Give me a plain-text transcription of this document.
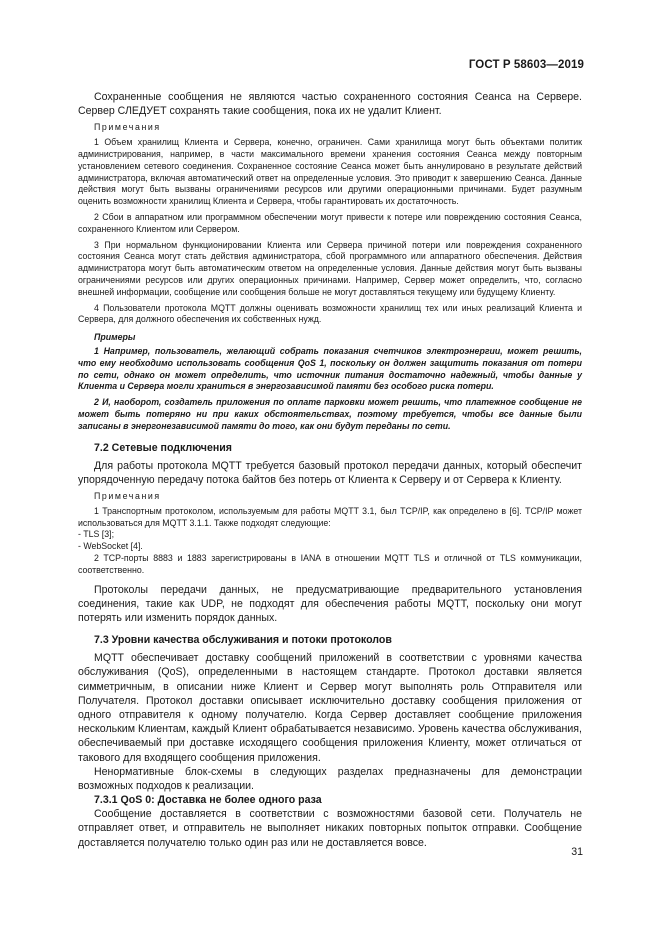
ГОСТ Р 58603—2019

Сохраненные сообщения не являются частью сохраненного состояния Сеанса на Сервере. Сервер СЛЕДУЕТ сохранять такие сообщения, пока их не удалит Клиент.

Примечания

1 Объем хранилищ Клиента и Сервера, конечно, ограничен. Сами хранилища могут быть объектами политик администрирования, например, в части максимального времени хранения состояния Сеанса между повторным установлением сетевого соединения. Сохраненное состояние Сеанса может быть аннулировано в результате действий администратора, включая автоматический ответ на определенные условия. Это приводит к завершению Сеанса. Данные действия могут быть вызваны ограничениями ресурсов или другими операционными причинами. Будет разумным оценить возможности хранилищ Клиента и Сервера, чтобы гарантировать их достаточность.

2 Сбои в аппаратном или программном обеспечении могут привести к потере или повреждению состояния Сеанса, сохраненного Клиентом или Сервером.

3 При нормальном функционировании Клиента или Сервера причиной потери или повреждения сохраненного состояния Сеанса могут стать действия администратора, сбой программного или аппаратного обеспечения. Действия администратора могут быть автоматическим ответом на определенные условия. Данные действия могут быть вызваны ограничениями ресурсов или других операционных причинами. Например, Сервер может определить, что, согласно внешней информации, сообщение или сообщения больше не могут доставляться текущему или будущему Клиенту.

4 Пользователи протокола MQTT должны оценивать возможности хранилищ тех или иных реализаций Клиента и Сервера, для должного обеспечения их собственных нужд.

Примеры

1 Например, пользователь, желающий собрать показания счетчиков электроэнергии, может решить, что ему необходимо использовать сообщения QoS 1, поскольку он должен защитить показания от потери по сети, однако он может определить, что источник питания достаточно надежный, чтобы данные у Клиента и Сервера могли храниться в энергозависимой памяти без особого риска потери.

2 И, наоборот, создатель приложения по оплате парковки может решить, что платежное сообщение не может быть потеряно ни при каких обстоятельствах, поэтому требуется, чтобы все данные были записаны в энергонезависимой памяти до того, как они будут переданы по сети.

7.2 Сетевые подключения

Для работы протокола MQTT требуется базовый протокол передачи данных, который обеспечит упорядоченную передачу потока байтов без потерь от Клиента к Серверу и от Сервера к Клиенту.

Примечания

1 Транспортным протоколом, используемым для работы MQTT 3.1, был TCP/IP, как определено в [6]. TCP/IP может использоваться для MQTT 3.1.1. Также подходят следующие:

- TLS [3];

- WebSocket [4].

2 TCP-порты 8883 и 1883 зарегистрированы в IANA в отношении MQTT TLS и отличной от TLS коммуникации, соответственно.

Протоколы передачи данных, не предусматривающие предварительного установления соединения, такие как UDP, не подходят для обеспечения работы MQTT, поскольку они могут потерять или изменить порядок данных.

7.3 Уровни качества обслуживания и потоки протоколов

MQTT обеспечивает доставку сообщений приложений в соответствии с уровнями качества обслуживания (QoS), определенными в настоящем стандарте. Протокол доставки является симметричным, в описании ниже Клиент и Сервер могут выполнять роль Отправителя или Получателя. Протокол доставки описывает исключительно доставку сообщения приложения от одного отправителя к одному получателю. Когда Сервер доставляет сообщение приложения нескольким Клиентам, каждый Клиент обрабатывается независимо. Уровень качества обслуживания, обеспечиваемый при доставке исходящего сообщения приложения Клиенту, может отличаться от такового для входящего сообщения приложения.

Ненормативные блок-схемы в следующих разделах предназначены для демонстрации возможных подходов к реализации.

7.3.1 QoS 0: Доставка не более одного раза

Сообщение доставляется в соответствии с возможностями базовой сети. Получатель не отправляет ответ, и отправитель не выполняет никаких повторных попыток отправки. Сообщение доставляется получателю только один раз или не доставляется вовсе.

31
